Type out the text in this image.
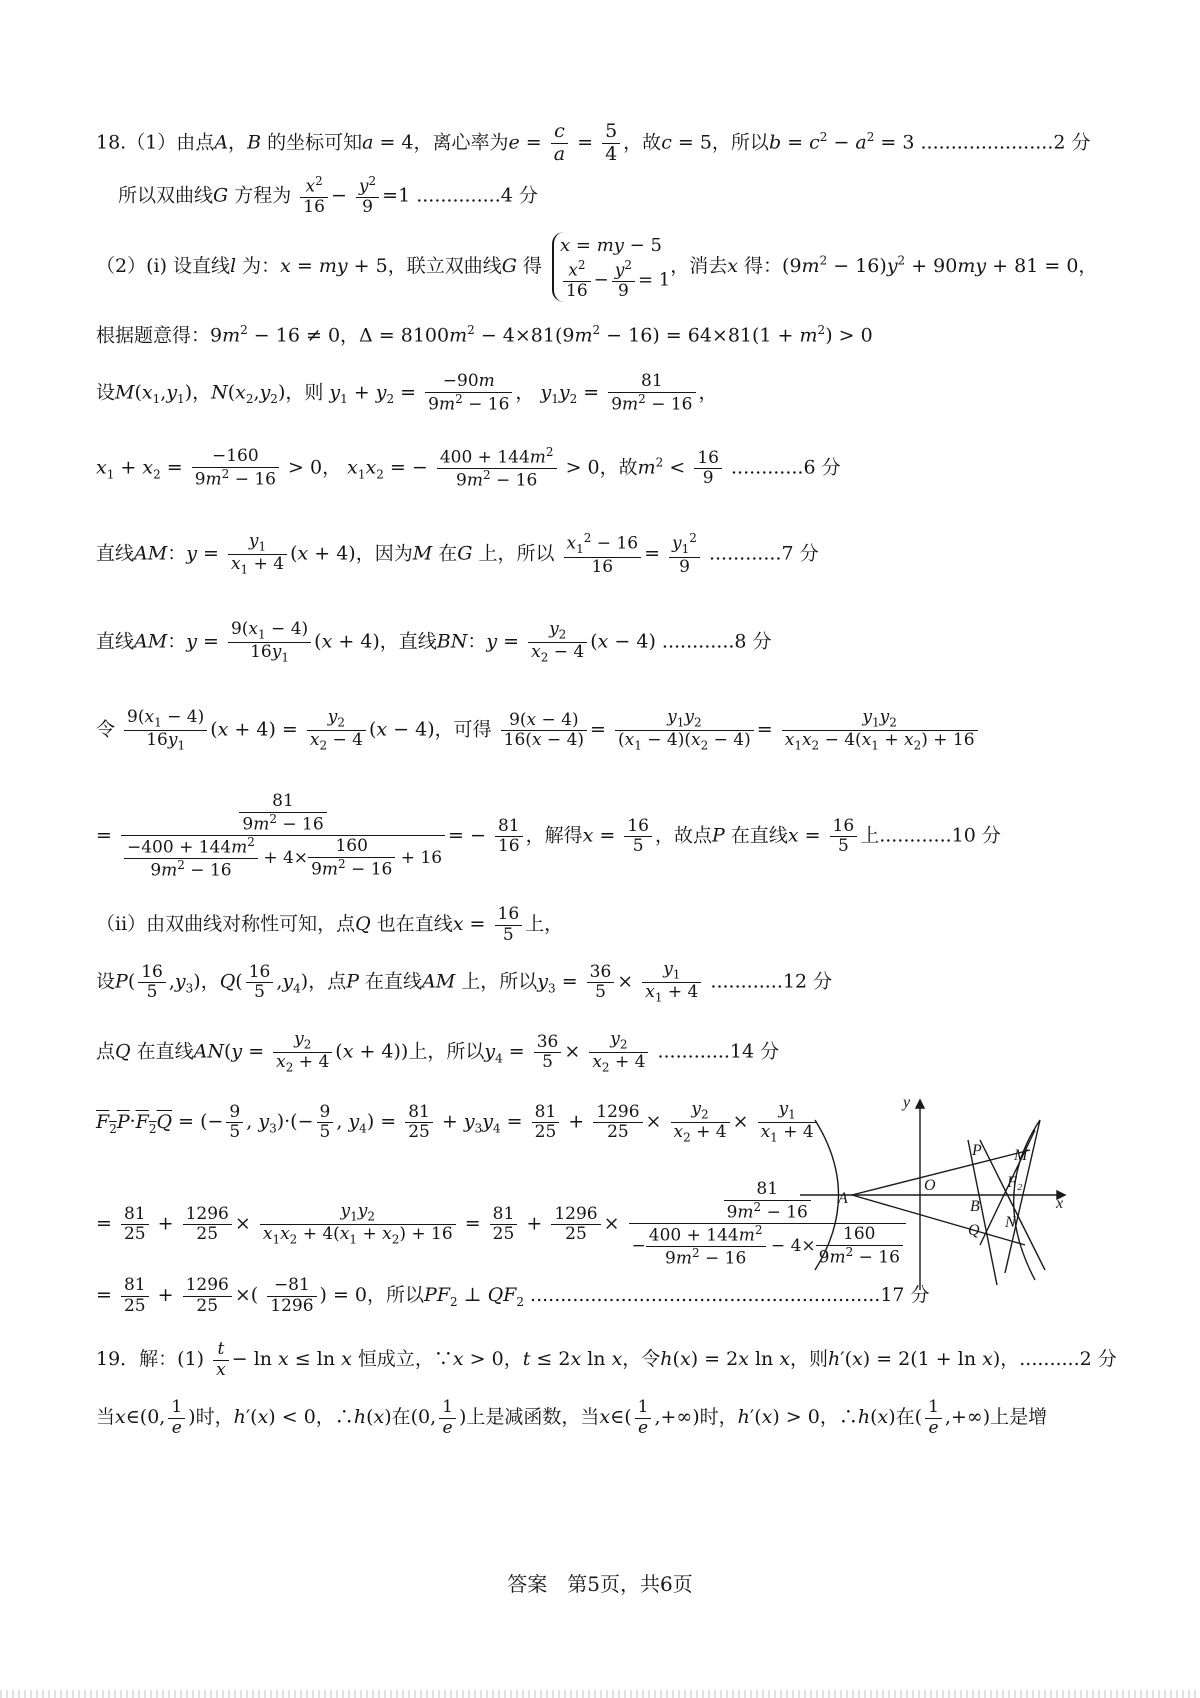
18.（1）由点A，B 的坐标可知a = 4，离心率为$e = \frac{c}{a} = \frac{5}{4}$ ，故c = 5，所以$b = c^2 - a^2 = 3$ ......................2 分
所以双曲线G 方程为 $\frac{x^2}{16} - \frac{y^2}{9} =1$ ..............4 分
（2）(i) 设直线l 为：x = my + 5，联立双曲线G 得
x = my − 5
$\frac{x^2}{16} - \frac{y^2}{9} = 1$
，消去x 得：$(9m^2 - 16)y^2 + 90my + 81 = 0$，
根据题意得：$9m^2 - 16 \ne 0$，$\Delta = 8100m^2 - 4\times 81(9m^2 - 16) = 64\times 81(1 + m^2) > 0$
设$M(x_1,y_1)$，$N(x_2,y_2)$，则 $y_1 + y_2 = \frac{-90m}{9m^2 - 16}$ ， $y_1y_2 = \frac{81}{9m^2 - 16}$ ，
$x_1 + x_2 = \frac{-160}{9m^2 - 16} > 0$， $x_1x_2$ = − $\frac{400 + 144m^2}{9m^2 - 16} > 0$，故$m^2 < \frac{16}{9} ............6$ 分
直线AM：$y = \frac{y_1}{x_1 + 4} (x + 4)$，因为M 在G 上，所以 $\frac{x_1^2 - 16}{16} = \frac{y_1^2}{9} ............7$ 分
直线AM：$y = \frac{9(x_1 - 4)}{16y_1} (x + 4)$，直线BN：$y = \frac{y_2}{x_2 - 4} (x - 4)$ ............8 分
令 $\frac{9(x_1 - 4)}{16y_1} (x + 4) = \frac{y_2}{x_2 - 4} (x - 4)$，可得 $\frac{9(x - 4)}{16(x - 4)} = \frac{y_1y_2}{(x_1 - 4)(x_2 - 4)} = \frac{y_1y_2}{x_1x_2 - 4(x_1 + x_2) + 16}$
= $\frac{\frac{81}{9m^2 - 16}}{\frac{-400 + 144m^2}{9m^2 - 16} + 4\times \frac{160}{9m^2 - 16} + 16}$ = − $\frac{81}{16}$ ，解得$x = \frac{16}{5}$ ，故点P 在直线$x = \frac{16}{5}$ 上............10 分
（ii）由双曲线对称性可知，点Q 也在直线$x = \frac{16}{5}$ 上，
设$P( \frac{16}{5} ,y_3)$，$Q( \frac{16}{5} ,y_4)$，点P 在直线AM 上，所以$y_3 = \frac{36}{5} \times \frac{y_1}{x_1 + 4} ............12$ 分
点Q 在直线$AN(y = \frac{y_2}{x_2 + 4} (x + 4))$上，所以$y_4 = \frac{36}{5} \times \frac{y_2}{x_2 + 4} ............14$ 分
$F_2P\cdot F_2Q$ = (− $\frac{9}{5}$ , $y_3)\cdot(- \frac{9}{5}$ , $y_4) = \frac{81}{25} + y_3y_4 = \frac{81}{25} + \frac{1296}{25} \times \frac{y_2}{x_2 + 4} \times \frac{y_1}{x_1 + 4}$
= $\frac{81}{25} + \frac{1296}{25} \times \frac{y_1y_2}{x_1x_2 + 4(x_1 + x_2) + 16} = \frac{81}{25} + \frac{1296}{25} \times \frac{\frac{81}{9m^2 - 16}}{- \frac{400 + 144m^2}{9m^2 - 16} - 4\times \frac{160}{9m^2 - 16}}$
= $\frac{81}{25} + \frac{1296}{25}$ ×( $\frac{-81}{1296}$ ) = 0，所以$PF_2$ ⊥ $QF_2$ ..........................................................17 分
19．解：$(1) \frac{t}{x} - \ln x \le \ln x$ 恒成立，∵x > 0，t ≤ 2x ln x，令h(x) = 2x ln x，则h′(x) = 2(1 + ln x)，..........2 分
当x∈(0, $\frac{1}{e}$ )时，h′(x) < 0，∴h(x)在(0, $\frac{1}{e}$ )上是减函数，当x∈( $\frac{1}{e}$ ,+∞)时，h′(x) > 0，∴h(x)在( $\frac{1}{e}$ ,+∞)上是增
y
P M
F₂
O
A	B	x
Q N
答案　第5页，共6页
